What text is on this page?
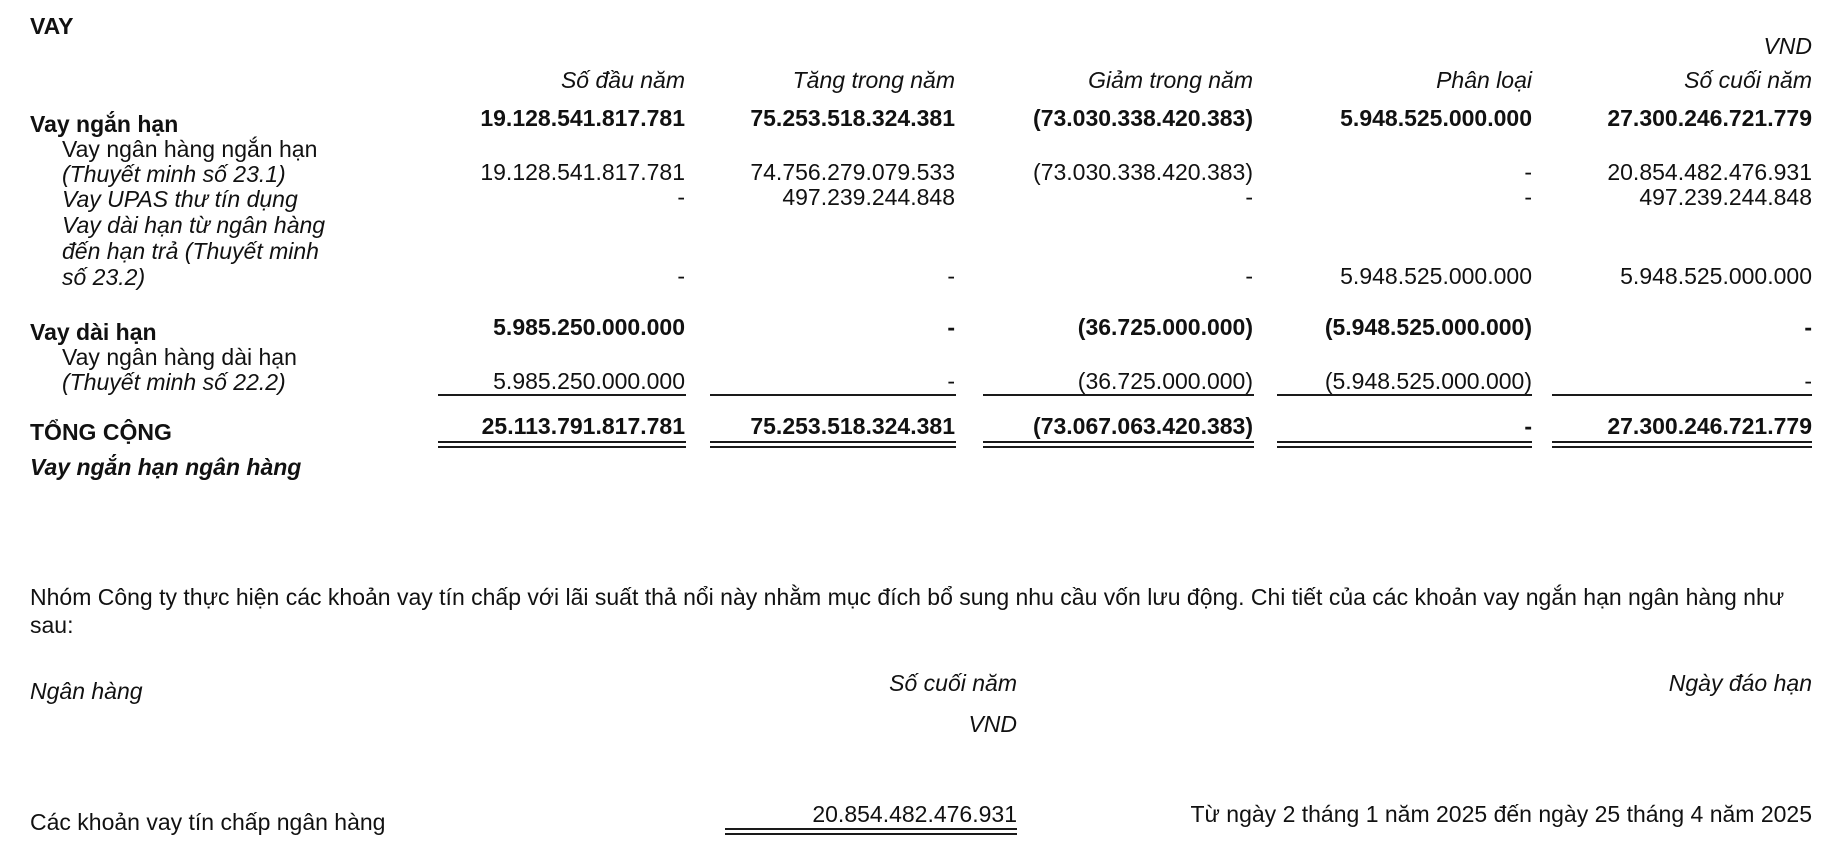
VAY
VND
Số đầu năm	Tăng trong năm	Giảm trong năm	Phân loại	Số cuối năm
Vay ngắn hạn	19.128.541.817.781	75.253.518.324.381	(73.030.338.420.383)	5.948.525.000.000	27.300.246.721.779
Vay ngân hàng ngắn hạn
(Thuyết minh số 23.1)	19.128.541.817.781	74.756.279.079.533	(73.030.338.420.383)	-	20.854.482.476.931
Vay UPAS thư tín dụng	-	497.239.244.848	-	-	497.239.244.848
Vay dài hạn từ ngân hàng
đến hạn trả (Thuyết minh
số 23.2)	-	-	-	5.948.525.000.000	5.948.525.000.000
Vay dài hạn	5.985.250.000.000	-	(36.725.000.000)	(5.948.525.000.000)	-
Vay ngân hàng dài hạn
(Thuyết minh số 22.2)	5.985.250.000.000	-	(36.725.000.000)	(5.948.525.000.000)	-
TỔNG CỘNG	25.113.791.817.781	75.253.518.324.381	(73.067.063.420.383)	-	27.300.246.721.779
Vay ngắn hạn ngân hàng
Nhóm Công ty thực hiện các khoản vay tín chấp với lãi suất thả nổi này nhằm mục đích bổ sung nhu cầu vốn lưu động. Chi tiết của các khoản vay ngắn hạn ngân hàng như sau:
Ngân hàng	Số cuối năm	Ngày đáo hạn
VND
Các khoản vay tín chấp ngân hàng	20.854.482.476.931	Từ ngày 2 tháng 1 năm 2025 đến ngày 25 tháng 4 năm 2025
